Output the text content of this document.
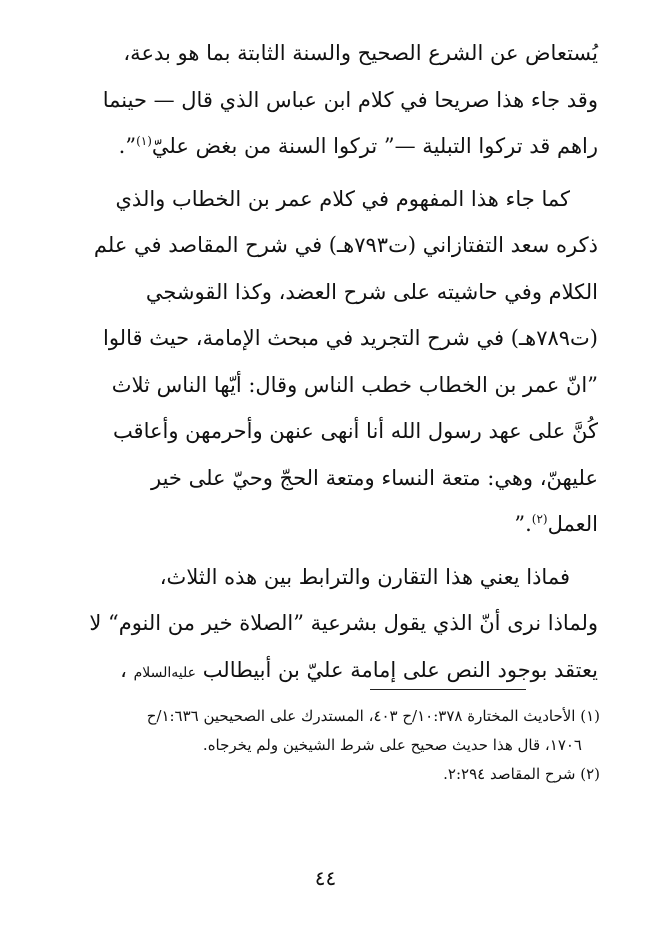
يُستعاض عن الشرع الصحيح والسنة الثابتة بما هو بدعة،
وقد جاء هذا صريحا في كلام ابن عباس الذي قال — حينما
راهم قد تركوا التبلية —” تركوا السنة من بغض عليّ$^{(١)}$”.

كما جاء هذا المفهوم في كلام عمر بن الخطاب والذي
ذكره سعد التفتازاني (ت٧٩٣هـ) في شرح المقاصد في علم
الكلام وفي حاشيته على شرح العضد، وكذا القوشجي
(ت٧٨٩هـ) في شرح التجريد في مبحث الإمامة، حيث قالوا
”انّ عمر بن الخطاب خطب الناس وقال: أيّها الناس ثلاث
كُنَّ على عهد رسول الله أنا أنهى عنهن وأحرمهن وأعاقب
عليهنّ، وهي: متعة النساء ومتعة الحجّ وحيّ على خير
العمل$^{(٢)}$.”

فماذا يعني هذا التقارن والترابط بين هذه الثلاث،
ولماذا نرى أنّ الذي يقول بشرعية ”الصلاة خير من النوم“ لا
يعتقد بوجود النص على إمامة عليّ بن أبيطالب عليه‌السلام ،

(١) الأحاديث المختارة ١٠:٣٧٨/ح ٤٠٣، المستدرك على الصحيحين ١:٦٣٦/ح
١٧٠٦، قال هذا حديث صحيح على شرط الشيخين ولم يخرجاه.
(٢) شرح المقاصد ٢:٢٩٤.
٤٤
